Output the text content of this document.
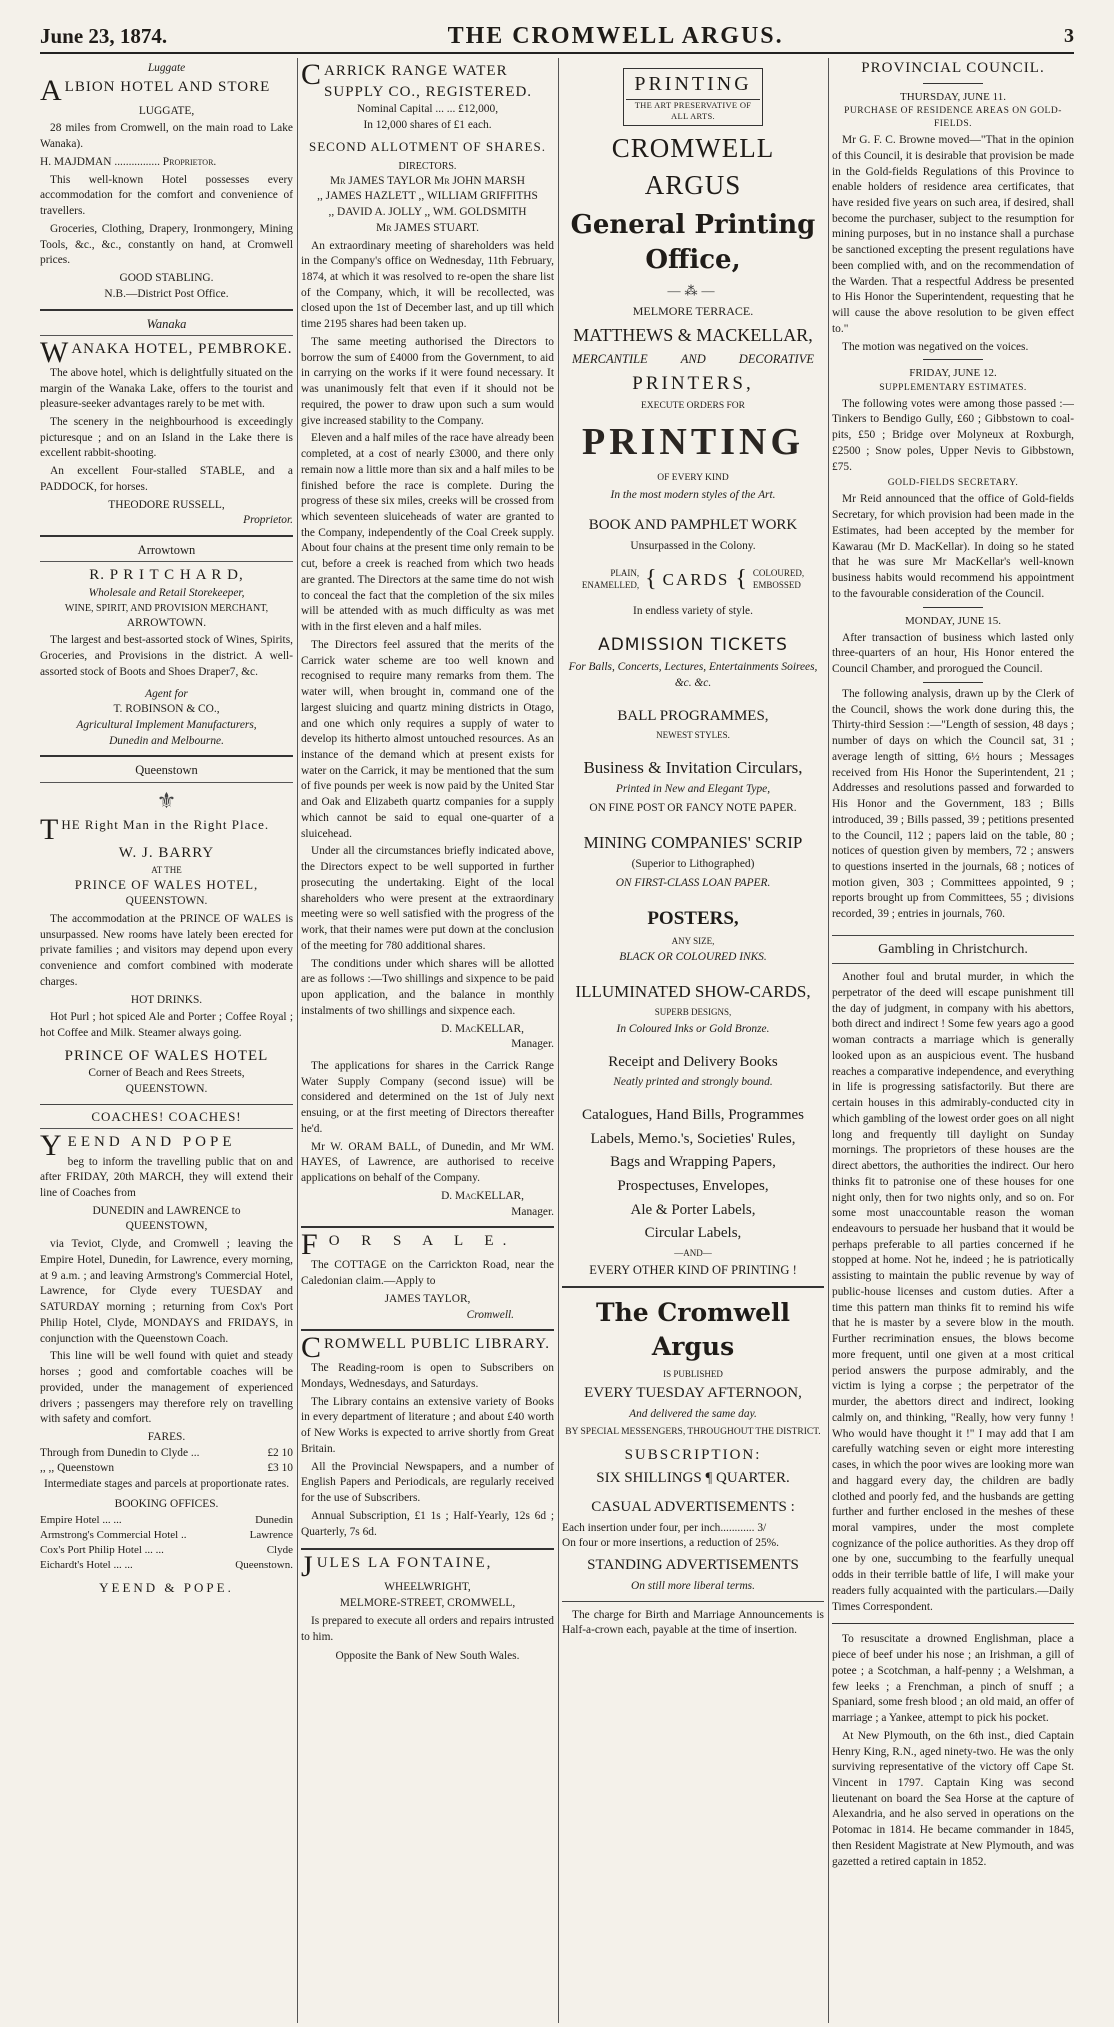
June 23, 1874.	THE CROMWELL ARGUS.	3
Luggate
ALBION HOTEL AND STORE
LUGGATE,

28 miles from Cromwell, on the main road to Lake Wanaka).

H. MAJDMAN ................ Proprietor.

This well-known Hotel possesses every accommodation for the comfort and convenience of travellers.

Groceries, Clothing, Drapery, Ironmongery, Mining Tools, &c., &c., constantly on hand, at Cromwell prices.

GOOD STABLING.
N.B.—District Post Office.
Wanaka
WANAKA HOTEL, PEMBROKE.

The above hotel, which is delightfully situated on the margin of the Wanaka Lake, offers to the tourist and pleasure-seeker advantages rarely to be met with.

The scenery in the neighbourhood is exceedingly picturesque ; and on an Island in the Lake there is excellent rabbit-shooting.

An excellent Four-stalled STABLE, and a PADDOCK, for horses.

THEODORE RUSSELL,
Proprietor.
Arrowtown
R. P R I T C H A R D,
Wholesale and Retail Storekeeper,
WINE, SPIRIT, AND PROVISION MERCHANT,
ARROWTOWN.

The largest and best-assorted stock of Wines, Spirits, Groceries, and Provisions in the district. A well-assorted stock of Boots and Shoes Draper7, &c.

Agent for
T. ROBINSON & CO.,
Agricultural Implement Manufacturers,
Dunedin and Melbourne.
Queenstown
⚜
THE Right Man in the Right Place.
W. J. BARRY
AT THE
PRINCE OF WALES HOTEL,
QUEENSTOWN.

The accommodation at the PRINCE OF WALES is unsurpassed. New rooms have lately been erected for private families ; and visitors may depend upon every convenience and comfort combined with moderate charges.

HOT DRINKS.

Hot Purl ; hot spiced Ale and Porter ; Coffee Royal ; hot Coffee and Milk. Steamer always going.

PRINCE OF WALES HOTEL
Corner of Beach and Rees Streets,
QUEENSTOWN.
COACHES! COACHES!
YEEND AND POPE

beg to inform the travelling public that on and after FRIDAY, 20th MARCH, they will extend their line of Coaches from

DUNEDIN and LAWRENCE to
QUEENSTOWN,

via Teviot, Clyde, and Cromwell ; leaving the Empire Hotel, Dunedin, for Lawrence, every morning, at 9 a.m. ; and leaving Armstrong's Commercial Hotel, Lawrence, for Clyde every TUESDAY and SATURDAY morning ; returning from Cox's Port Philip Hotel, Clyde, MONDAYS and FRIDAYS, in conjunction with the Queenstown Coach.

This line will be well found with quiet and steady horses ; good and comfortable coaches will be provided, under the management of experienced drivers ; passengers may therefore rely on travelling with safety and comfort.

FARES.
Through from Dunedin to Clyde ...	£2 10
,, ,, Queenstown	£3 10
Intermediate stages and parcels at proportionate rates.
BOOKING OFFICES.
Empire Hotel ... ...	Dunedin
Armstrong's Commercial Hotel ..	Lawrence
Cox's Port Philip Hotel ... ...	Clyde
Eichardt's Hotel ... ...	Queenstown.
YEEND & POPE.
CARRICK RANGE WATER SUPPLY CO., REGISTERED.
Nominal Capital ... ... £12,000,
In 12,000 shares of £1 each.
SECOND ALLOTMENT OF SHARES.
DIRECTORS.
Mr JAMES TAYLOR Mr JOHN MARSH
,, JAMES HAZLETT ,, WILLIAM GRIFFITHS
,, DAVID A. JOLLY ,, WM. GOLDSMITH
Mr JAMES STUART.

An extraordinary meeting of shareholders was held in the Company's office on Wednesday, 11th February, 1874, at which it was resolved to re-open the share list of the Company, which, it will be recollected, was closed upon the 1st of December last, and up till which time 2195 shares had been taken up.

The same meeting authorised the Directors to borrow the sum of £4000 from the Government, to aid in carrying on the works if it were found necessary. It was unanimously felt that even if it should not be required, the power to draw upon such a sum would give increased stability to the Company.

Eleven and a half miles of the race have already been completed, at a cost of nearly £3000, and there only remain now a little more than six and a half miles to be finished before the race is complete. During the progress of these six miles, creeks will be crossed from which seventeen sluiceheads of water are granted to the Company, independently of the Coal Creek supply. About four chains at the present time only remain to be cut, before a creek is reached from which two heads are granted. The Directors at the same time do not wish to conceal the fact that the completion of the six miles will be attended with as much difficulty as was met with in the first eleven and a half miles.

The Directors feel assured that the merits of the Carrick water scheme are too well known and recognised to require many remarks from them. The water will, when brought in, command one of the largest sluicing and quartz mining districts in Otago, and one which only requires a supply of water to develop its hitherto almost untouched resources. As an instance of the demand which at present exists for water on the Carrick, it may be mentioned that the sum of five pounds per week is now paid by the United Star and Oak and Elizabeth quartz companies for a supply which cannot be said to equal one-quarter of a sluicehead.

Under all the circumstances briefly indicated above, the Directors expect to be well supported in further prosecuting the undertaking. Eight of the local shareholders who were present at the extraordinary meeting were so well satisfied with the progress of the work, that their names were put down at the conclusion of the meeting for 780 additional shares.

The conditions under which shares will be allotted are as follows :—Two shillings and sixpence to be paid upon application, and the balance in monthly instalments of two shillings and sixpence each.

D. MacKELLAR,
Manager.

The applications for shares in the Carrick Range Water Supply Company (second issue) will be considered and determined on the 1st of July next ensuing, or at the first meeting of Directors thereafter he'd.

Mr W. ORAM BALL, of Dunedin, and Mr WM. HAYES, of Lawrence, are authorised to receive applications on behalf of the Company.

D. MacKELLAR,
Manager.
F O R S A L E.

The COTTAGE on the Carrickton Road, near the Caledonian claim.—Apply to

JAMES TAYLOR,
Cromwell.
CROMWELL PUBLIC LIBRARY.

The Reading-room is open to Subscribers on Mondays, Wednesdays, and Saturdays.

The Library contains an extensive variety of Books in every department of literature ; and about £40 worth of New Works is expected to arrive shortly from Great Britain.

All the Provincial Newspapers, and a number of English Papers and Periodicals, are regularly received for the use of Subscribers.

Annual Subscription, £1 1s ; Half-Yearly, 12s 6d ; Quarterly, 7s 6d.

JULES LA FONTAINE,
WHEELWRIGHT,
MELMORE-STREET, CROMWELL,

Is prepared to execute all orders and repairs intrusted to him.

Opposite the Bank of New South Wales.
PRINTING
THE ART PRESERVATIVE OF ALL ARTS.
CROMWELL ARGUS
General Printing Office,
—⁂—
MELMORE TERRACE.
MATTHEWS & MACKELLAR,
MERCANTILE	AND	DECORATIVE
PRINTERS,
EXECUTE ORDERS FOR
PRINTING
OF EVERY KIND
In the most modern styles of the Art.
BOOK AND PAMPHLET WORK
Unsurpassed in the Colony.
PLAIN,
ENAMELLED, { CARDS { COLOURED,
EMBOSSED
In endless variety of style.
ADMISSION TICKETS
For Balls, Concerts, Lectures, Entertainments Soirees, &c. &c.
BALL PROGRAMMES,
NEWEST STYLES.
Business & Invitation Circulars,
Printed in New and Elegant Type,
ON FINE POST OR FANCY NOTE PAPER.
MINING COMPANIES' SCRIP
(Superior to Lithographed)
ON FIRST-CLASS LOAN PAPER.
POSTERS,
ANY SIZE,
BLACK OR COLOURED INKS.
ILLUMINATED SHOW-CARDS,
SUPERB DESIGNS,
In Coloured Inks or Gold Bronze.
Receipt and Delivery Books
Neatly printed and strongly bound.
Catalogues, Hand Bills, Programmes
Labels, Memo.'s, Societies' Rules,
Bags and Wrapping Papers,
Prospectuses, Envelopes,
Ale & Porter Labels,
Circular Labels,
—AND—
EVERY OTHER KIND OF PRINTING !
The Cromwell Argus
IS PUBLISHED
EVERY TUESDAY AFTERNOON,
And delivered the same day.
BY SPECIAL MESSENGERS, THROUGHOUT THE DISTRICT.
SUBSCRIPTION:
SIX SHILLINGS ¶ QUARTER.
CASUAL ADVERTISEMENTS :
Each insertion under four, per inch............ 3/
On four or more insertions, a reduction of 25%.
STANDING ADVERTISEMENTS
On still more liberal terms.

The charge for Birth and Marriage Announcements is Half-a-crown each, payable at the time of insertion.

PROVINCIAL COUNCIL.
THURSDAY, JUNE 11.
PURCHASE OF RESIDENCE AREAS ON GOLD-FIELDS.

Mr G. F. C. Browne moved—"That in the opinion of this Council, it is desirable that provision be made in the Gold-fields Regulations of this Province to enable holders of residence area certificates, that have resided five years on such area, if desired, shall become the purchaser, subject to the resumption for mining purposes, but in no instance shall a purchase be sanctioned excepting the present regulations have been complied with, and on the recommendation of the Warden. That a respectful Address be presented to His Honor the Superintendent, requesting that he will cause the above resolution to be given effect to."

The motion was negatived on the voices.

FRIDAY, JUNE 12.
SUPPLEMENTARY ESTIMATES.

The following votes were among those passed :—Tinkers to Bendigo Gully, £60 ; Gibbstown to coal-pits, £50 ; Bridge over Molyneux at Roxburgh, £2500 ; Snow poles, Upper Nevis to Gibbstown, £75.

GOLD-FIELDS SECRETARY.

Mr Reid announced that the office of Gold-fields Secretary, for which provision had been made in the Estimates, had been accepted by the member for Kawarau (Mr D. MacKellar). In doing so he stated that he was sure Mr MacKellar's well-known business habits would recommend his appointment to the favourable consideration of the Council.

MONDAY, JUNE 15.

After transaction of business which lasted only three-quarters of an hour, His Honor entered the Council Chamber, and prorogued the Council.

The following analysis, drawn up by the Clerk of the Council, shows the work done during this, the Thirty-third Session :—"Length of session, 48 days ; number of days on which the Council sat, 31 ; average length of sitting, 6½ hours ; Messages received from His Honor the Superintendent, 21 ; Addresses and resolutions passed and forwarded to His Honor and the Government, 183 ; Bills introduced, 39 ; Bills passed, 39 ; petitions presented to the Council, 112 ; papers laid on the table, 80 ; notices of question given by members, 72 ; answers to questions inserted in the journals, 68 ; notices of motion given, 303 ; Committees appointed, 9 ; reports brought up from Committees, 55 ; divisions recorded, 39 ; entries in journals, 760.

Gambling in Christchurch.

Another foul and brutal murder, in which the perpetrator of the deed will escape punishment till the day of judgment, in company with his abettors, both direct and indirect ! Some few years ago a good woman contracts a marriage which is generally looked upon as an auspicious event. The husband reaches a comparative independence, and everything in life is progressing satisfactorily. But there are certain houses in this admirably-conducted city in which gambling of the lowest order goes on all night long and frequently till daylight on Sunday mornings. The proprietors of these houses are the direct abettors, the authorities the indirect. Our hero thinks fit to patronise one of these houses for one night only, then for two nights only, and so on. For some most unaccountable reason the woman endeavours to persuade her husband that it would be perhaps preferable to all parties concerned if he stopped at home. Not he, indeed ; he is patriotically assisting to maintain the public revenue by way of public-house licenses and custom duties. After a time this pattern man thinks fit to remind his wife that he is master by a severe blow in the mouth. Further recrimination ensues, the blows become more frequent, until one given at a most critical period answers the purpose admirably, and the victim is lying a corpse ; the perpetrator of the murder, the abettors direct and indirect, looking calmly on, and thinking, "Really, how very funny ! Who would have thought it !" I may add that I am carefully watching seven or eight more interesting cases, in which the poor wives are looking more wan and haggard every day, the children are badly clothed and poorly fed, and the husbands are getting further and further enclosed in the meshes of these moral vampires, under the most complete cognizance of the police authorities. As they drop off one by one, succumbing to the fearfully unequal odds in their terrible battle of life, I will make your readers fully acquainted with the particulars.—Daily Times Correspondent.

To resuscitate a drowned Englishman, place a piece of beef under his nose ; an Irishman, a gill of potee ; a Scotchman, a half-penny ; a Welshman, a few leeks ; a Frenchman, a pinch of snuff ; a Spaniard, some fresh blood ; an old maid, an offer of marriage ; a Yankee, attempt to pick his pocket.

At New Plymouth, on the 6th inst., died Captain Henry King, R.N., aged ninety-two. He was the only surviving representative of the victory off Cape St. Vincent in 1797. Captain King was second lieutenant on board the Sea Horse at the capture of Alexandria, and he also served in operations on the Potomac in 1814. He became commander in 1845, then Resident Magistrate at New Plymouth, and was gazetted a retired captain in 1852.
